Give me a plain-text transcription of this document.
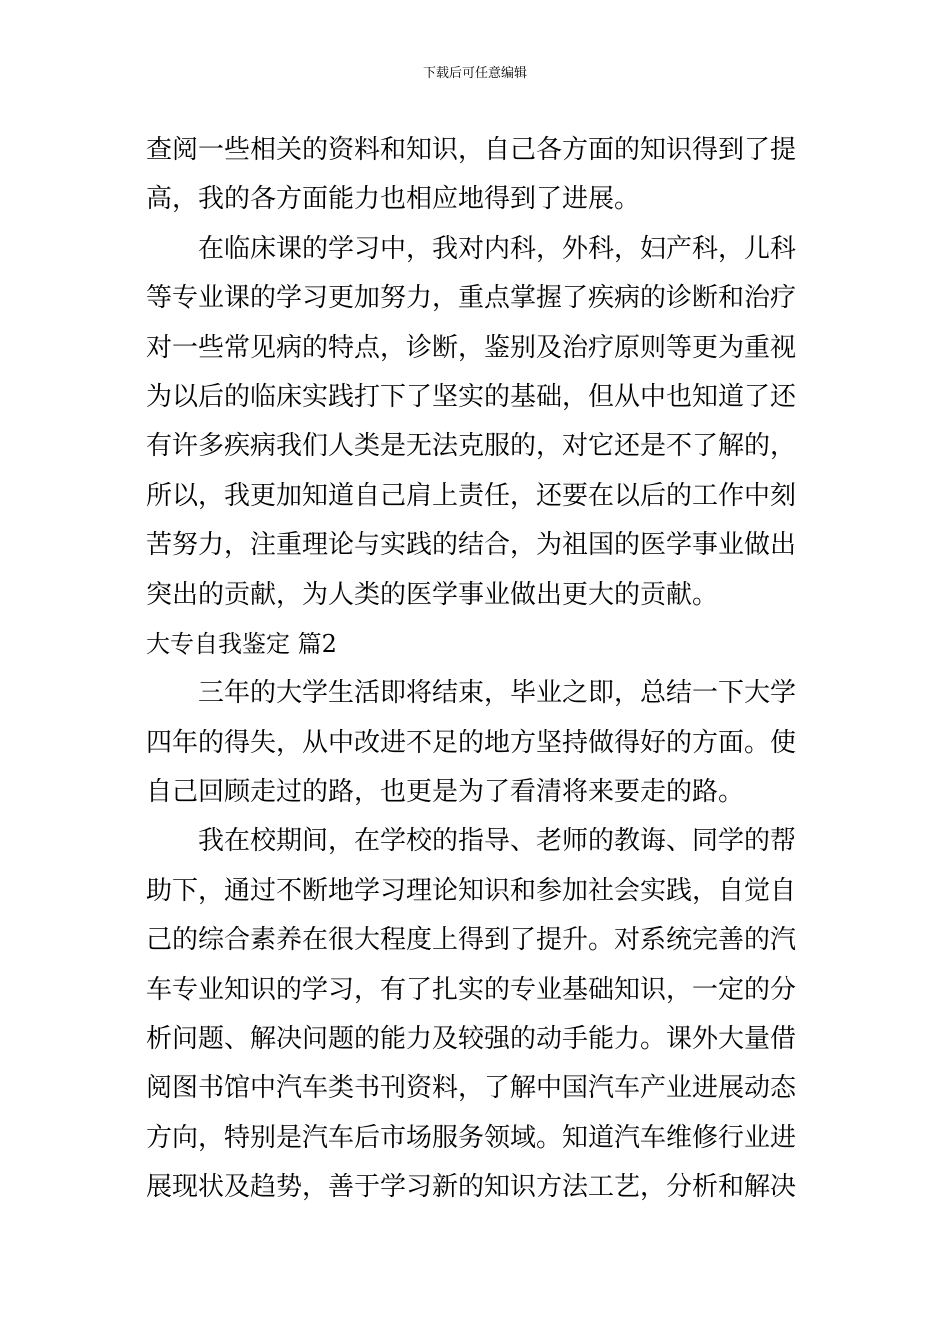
下载后可任意编辑
查阅一些相关的资料和知识，自己各方面的知识得到了提
高，我的各方面能力也相应地得到了进展。
在临床课的学习中，我对内科，外科，妇产科，儿科
等专业课的学习更加努力，重点掌握了疾病的诊断和治疗
对一些常见病的特点，诊断，鉴别及治疗原则等更为重视
为以后的临床实践打下了坚实的基础，但从中也知道了还
有许多疾病我们人类是无法克服的，对它还是不了解的，
所以，我更加知道自己肩上责任，还要在以后的工作中刻
苦努力，注重理论与实践的结合，为祖国的医学事业做出
突出的贡献，为人类的医学事业做出更大的贡献。
大专自我鉴定 篇2
三年的大学生活即将结束，毕业之即，总结一下大学
四年的得失，从中改进不足的地方坚持做得好的方面。使
自己回顾走过的路，也更是为了看清将来要走的路。
我在校期间，在学校的指导、老师的教诲、同学的帮
助下，通过不断地学习理论知识和参加社会实践，自觉自
己的综合素养在很大程度上得到了提升。对系统完善的汽
车专业知识的学习，有了扎实的专业基础知识，一定的分
析问题、解决问题的能力及较强的动手能力。课外大量借
阅图书馆中汽车类书刊资料，了解中国汽车产业进展动态
方向，特别是汽车后市场服务领域。知道汽车维修行业进
展现状及趋势，善于学习新的知识方法工艺，分析和解决
